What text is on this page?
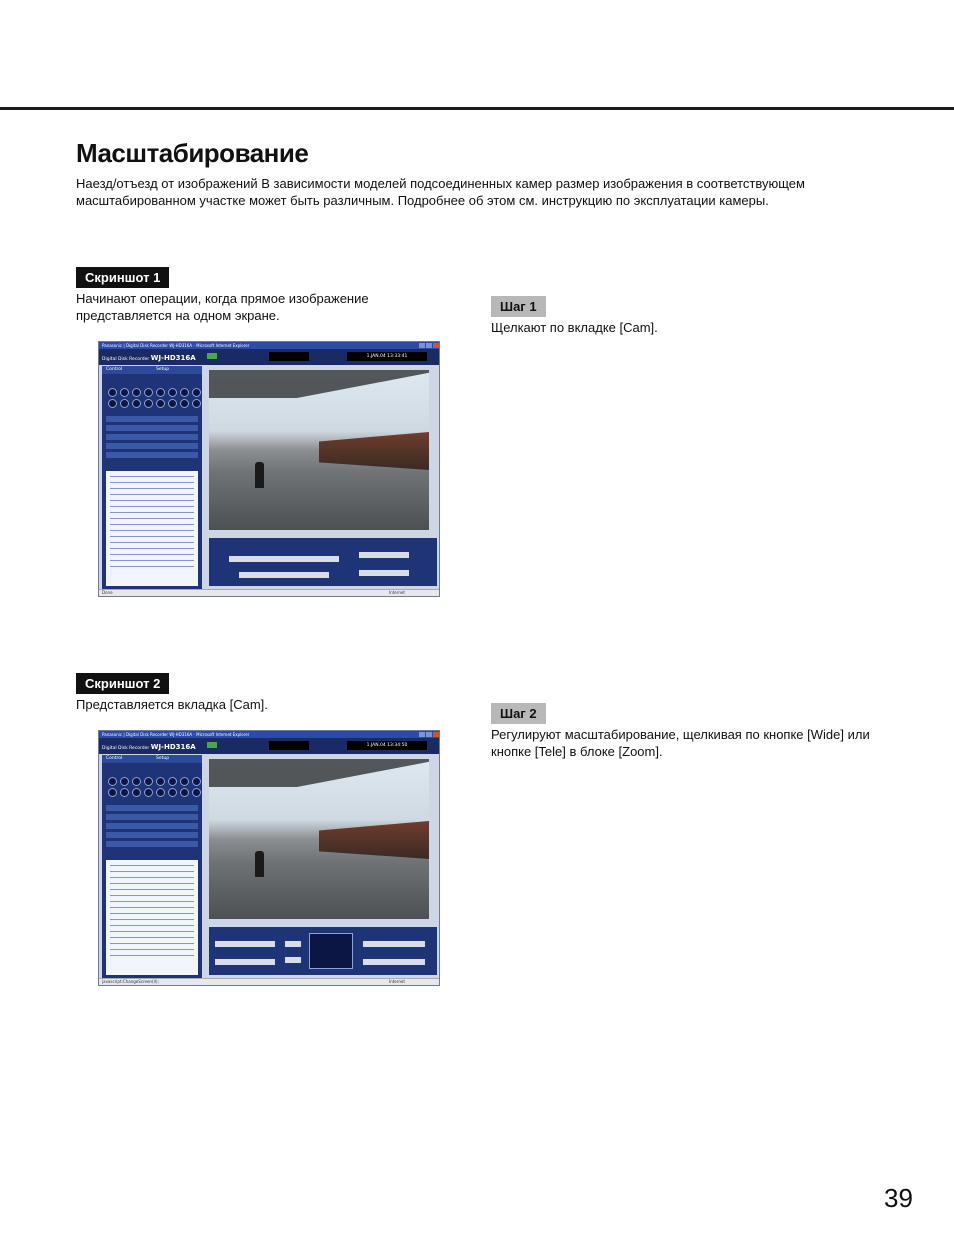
Масштабирование

Наезд/отъезд от изображений В зависимости моделей подсоединенных камер размер изображения в соответствующем масштабированном участке может быть различным. Подробнее об этом см. инструкцию по эксплуатации камеры.

Скриншот 1

Начинают операции, когда прямое изображение представляется на одном экране.

Шаг 1

Щелкают по вкладке [Cam].

Panasonic | Digital Disk Recorder WJ-HD316A - Microsoft Internet Explorer
Digital Disk Recorder WJ-HD316A	1.JAN.04 13:33:41
Control	Setup
Done	Internet
Скриншот 2

Представляется вкладка [Cam].

Шаг 2

Регулируют масштабирование, щелкивая по кнопке [Wide] или кнопке [Tele] в блоке [Zoom].

Panasonic | Digital Disk Recorder WJ-HD316A - Microsoft Internet Explorer
Digital Disk Recorder WJ-HD316A	1.JAN.04 13:34:50
Control	Setup
javascript:ChangeScreen(4);	Internet
39
